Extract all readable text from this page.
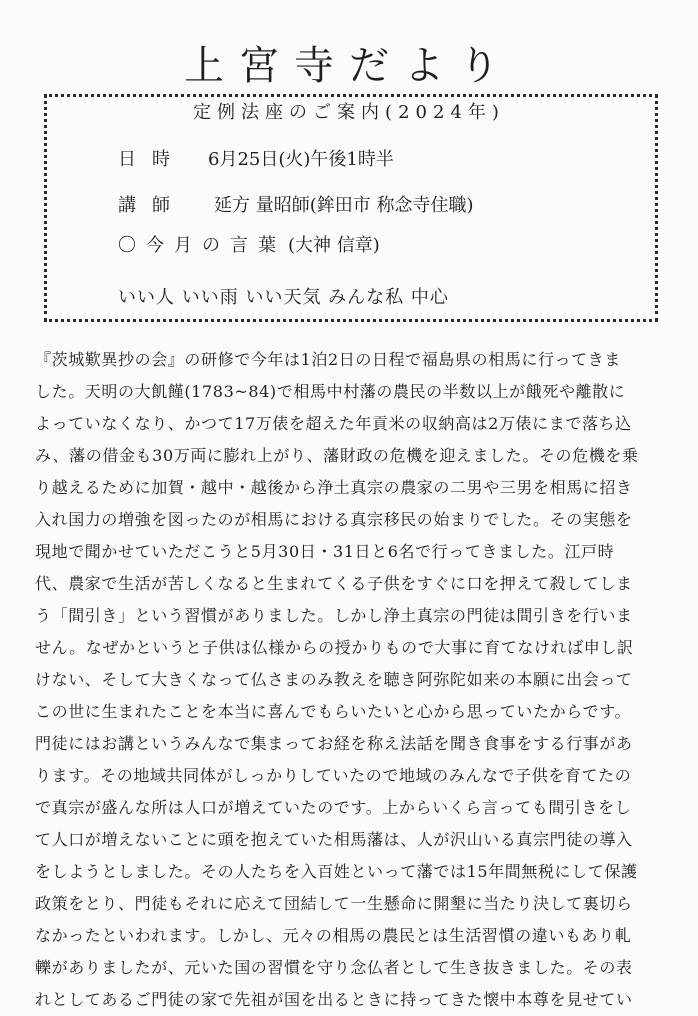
上宮寺だより
定例法座のご案内(2024年)
日時 6月25日(火)午後1時半
講師 延方 量昭師(鉾田市 称念寺住職)
〇今月の言葉 (大神 信章)
いい人 いい雨 いい天気 みんな私 中心
『茨城歎異抄の会』の研修で今年は1泊2日の日程で福島県の相馬に行ってきま
した。天明の大飢饉(1783~84)で相馬中村藩の農民の半数以上が餓死や離散に
よっていなくなり、かつて17万俵を超えた年貢米の収納高は2万俵にまで落ち込
み、藩の借金も30万両に膨れ上がり、藩財政の危機を迎えました。その危機を乗
り越えるために加賀・越中・越後から浄土真宗の農家の二男や三男を相馬に招き
入れ国力の増強を図ったのが相馬における真宗移民の始まりでした。その実態を
現地で聞かせていただこうと5月30日・31日と6名で行ってきました。江戸時
代、農家で生活が苦しくなると生まれてくる子供をすぐに口を押えて殺してしま
う「間引き」という習慣がありました。しかし浄土真宗の門徒は間引きを行いま
せん。なぜかというと子供は仏様からの授かりもので大事に育てなければ申し訳
けない、そして大きくなって仏さまのみ教えを聴き阿弥陀如来の本願に出会って
この世に生まれたことを本当に喜んでもらいたいと心から思っていたからです。
門徒にはお講というみんなで集まってお経を称え法話を聞き食事をする行事があ
ります。その地域共同体がしっかりしていたので地域のみんなで子供を育てたの
で真宗が盛んな所は人口が増えていたのです。上からいくら言っても間引きをし
て人口が増えないことに頭を抱えていた相馬藩は、人が沢山いる真宗門徒の導入
をしようとしました。その人たちを入百姓といって藩では15年間無税にして保護
政策をとり、門徒もそれに応えて団結して一生懸命に開墾に当たり決して裏切ら
なかったといわれます。しかし、元々の相馬の農民とは生活習慣の違いもあり軋
轢がありましたが、元いた国の習慣を守り念仏者として生き抜きました。その表
れとしてあるご門徒の家で先祖が国を出るときに持ってきた懐中本尊を見せてい
